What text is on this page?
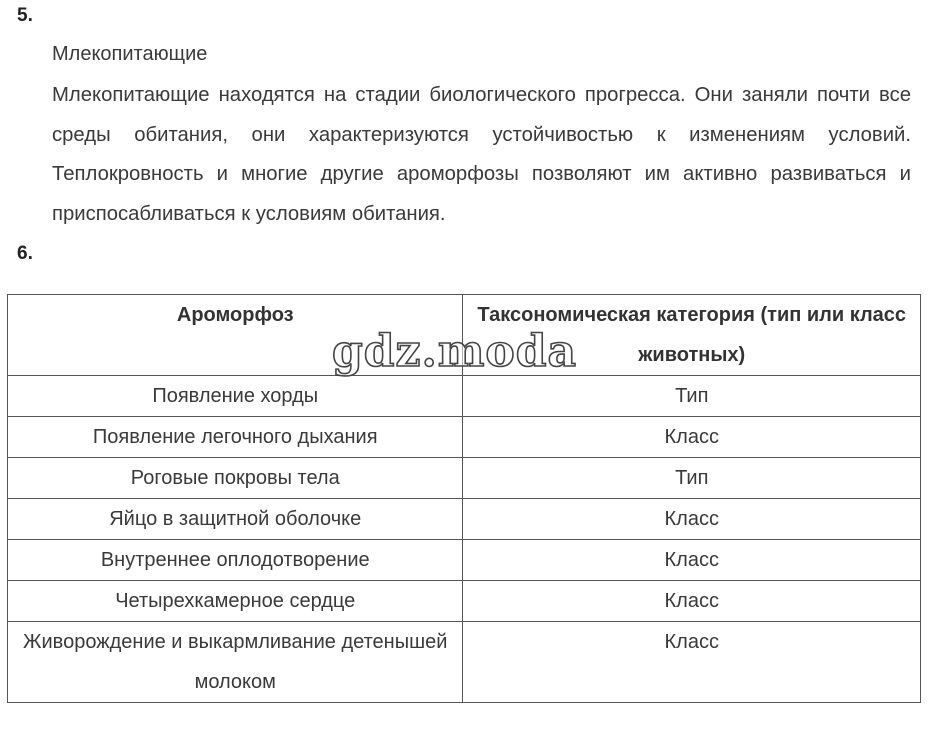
5.
Млекопитающие
Млекопитающие находятся на стадии биологического прогресса. Они заняли почти все среды обитания, они характеризуются устойчивостью к изменениям условий. Теплокровность и многие другие ароморфозы позволяют им активно развиваться и приспосабливаться к условиям обитания.
6.
Ароморфоз	Таксономическая категория (тип или класс животных)
Появление хорды	Тип
Появление легочного дыхания	Класс
Роговые покровы тела	Тип
Яйцо в защитной оболочке	Класс
Внутреннее оплодотворение	Класс
Четырехкамерное сердце	Класс
Живорождение и выкармливание детенышей молоком	Класс
gdz.moda
